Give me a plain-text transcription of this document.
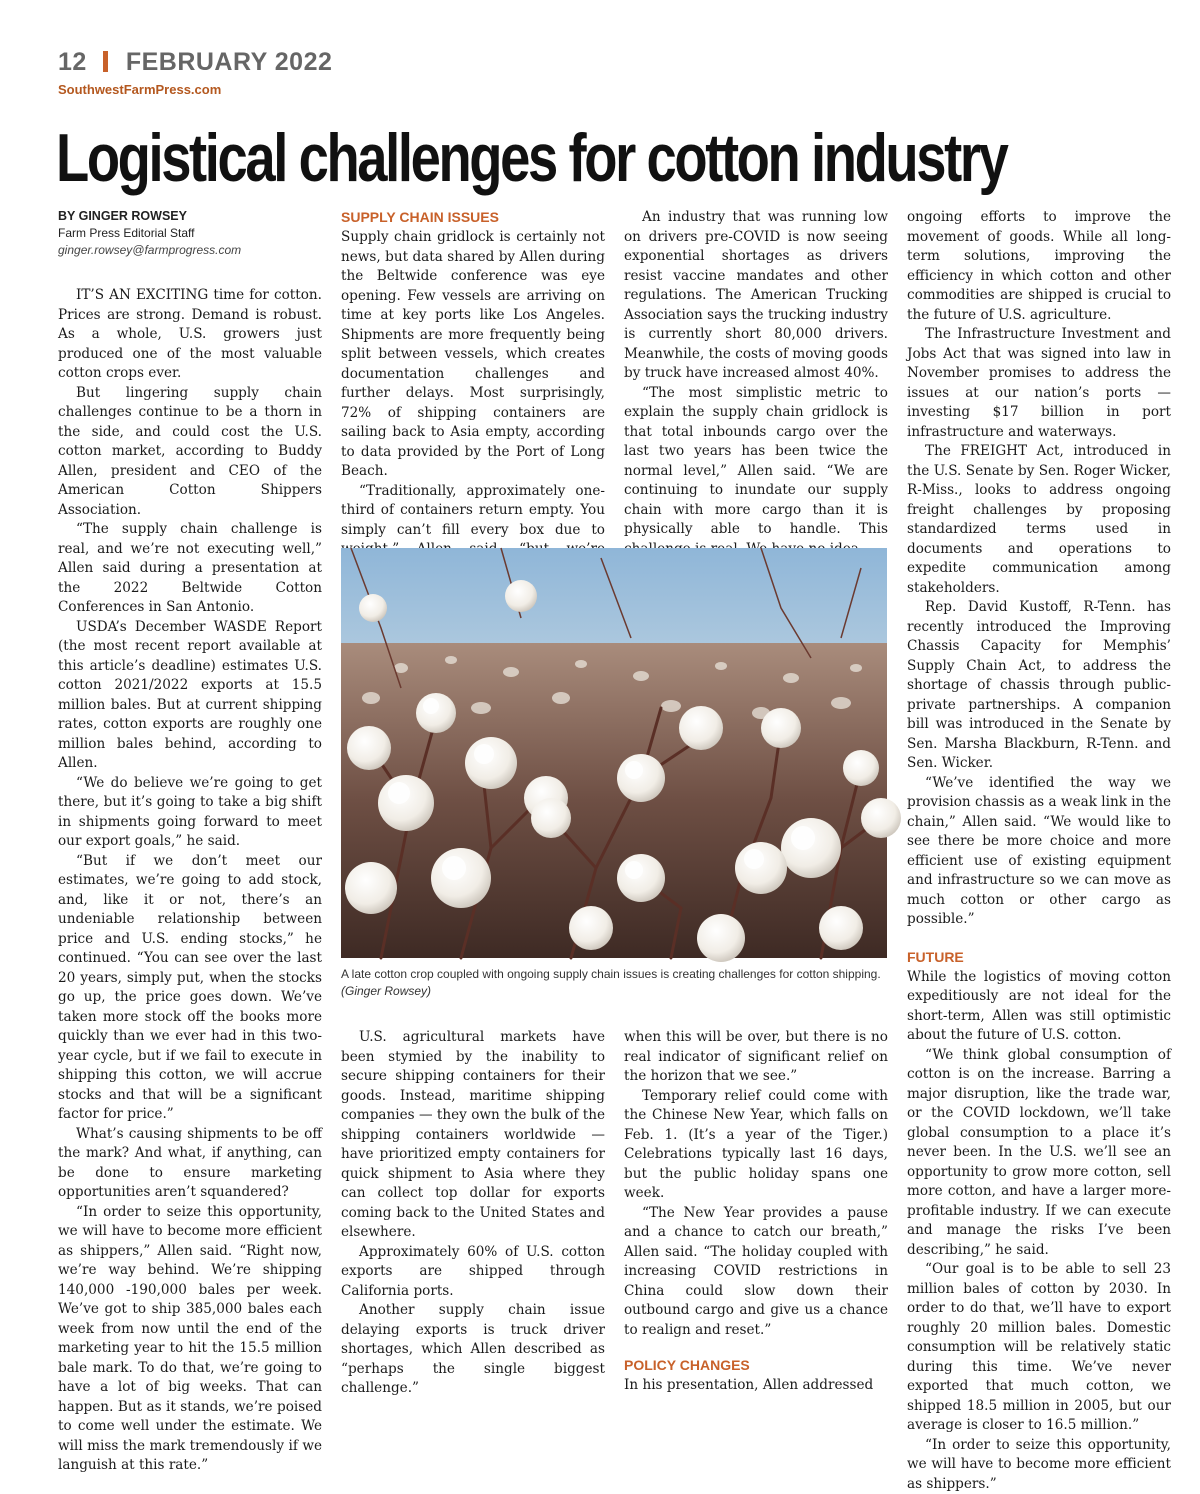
12 FEBRUARY 2022
SouthwestFarmPress.com
Logistical challenges for cotton industry
BY GINGER ROWSEY
Farm Press Editorial Staff
ginger.rowsey@farmprogress.com

IT’S AN EXCITING time for cotton. Prices are strong. Demand is robust. As a whole, U.S. growers just produced one of the most valuable cotton crops ever.

But lingering supply chain challenges continue to be a thorn in the side, and could cost the U.S. cotton market, according to Buddy Allen, president and CEO of the American Cotton Shippers Association.

“The supply chain challenge is real, and we’re not executing well,” Allen said during a presentation at the 2022 Beltwide Cotton Conferences in San Antonio.

USDA’s December WASDE Report (the most recent report available at this article’s deadline) estimates U.S. cotton 2021/2022 exports at 15.5 million bales. But at current shipping rates, cotton exports are roughly one million bales behind, according to Allen.

“We do believe we’re going to get there, but it’s going to take a big shift in shipments going forward to meet our export goals,” he said.

“But if we don’t meet our estimates, we’re going to add stock, and, like it or not, there’s an undeniable relationship between price and U.S. ending stocks,” he continued. “You can see over the last 20 years, simply put, when the stocks go up, the price goes down. We’ve taken more stock off the books more quickly than we ever had in this two-year cycle, but if we fail to execute in shipping this cotton, we will accrue stocks and that will be a significant factor for price.”

What’s causing shipments to be off the mark? And what, if anything, can be done to ensure marketing opportunities aren’t squandered?

“In order to seize this opportunity, we will have to become more efficient as shippers,” Allen said. “Right now, we’re way behind. We’re shipping 140,000 -190,000 bales per week. We’ve got to ship 385,000 bales each week from now until the end of the marketing year to hit the 15.5 million bale mark. To do that, we’re going to have a lot of big weeks. That can happen. But as it stands, we’re poised to come well under the estimate. We will miss the mark tremendously if we languish at this rate.”

SUPPLY CHAIN ISSUES

Supply chain gridlock is certainly not news, but data shared by Allen during the Beltwide conference was eye opening. Few vessels are arriving on time at key ports like Los Angeles. Shipments are more frequently being split between vessels, which creates documentation challenges and further delays. Most surprisingly, 72% of shipping containers are sailing back to Asia empty, according to data provided by the Port of Long Beach.

“Traditionally, approximately one-third of containers return empty. You simply can’t fill every box due to

An industry that was running low on drivers pre-COVID is now seeing exponential shortages as drivers resist vaccine mandates and other regulations. The American Trucking Association says the trucking industry is currently short 80,000 drivers. Meanwhile, the costs of moving goods by truck have increased almost 40%.

“The most simplistic metric to explain the supply chain gridlock is that total inbounds cargo over the last two years has been twice the normal level,” Allen said. “We are continuing to inundate our supply chain with more cargo than it is physically able to handle. This

A late cotton crop coupled with ongoing supply chain issues is creating challenges for cotton shipping. (Ginger Rowsey)

U.S. agricultural markets have been stymied by the inability to secure shipping containers for their goods. Instead, maritime shipping companies — they own the bulk of the shipping containers worldwide — have prioritized empty containers for quick shipment to Asia where they can collect top dollar for exports coming back to the United States and elsewhere.

Approximately 60% of U.S. cotton exports are shipped through California ports.

Another supply chain issue delaying exports is truck driver shortages, which Allen described as “perhaps the single biggest challenge.”

when this will be over, but there is no real indicator of significant relief on the horizon that we see.”

Temporary relief could come with the Chinese New Year, which falls on Feb. 1. (It’s a year of the Tiger.) Celebrations typically last 16 days, but the public holiday spans one week.

“The New Year provides a pause and a chance to catch our breath,” Allen said. “The holiday coupled with increasing COVID restrictions in China could slow down their outbound cargo and give us a chance to realign and reset.”

POLICY CHANGES

In his presentation, Allen addressed

ongoing efforts to improve the movement of goods. While all long-term solutions, improving the efficiency in which cotton and other commodities are shipped is crucial to the future of U.S. agriculture.

The Infrastructure Investment and Jobs Act that was signed into law in November promises to address the issues at our nation’s ports — investing $17 billion in port infrastructure and waterways.

The FREIGHT Act, introduced in the U.S. Senate by Sen. Roger Wicker, R-Miss., looks to address ongoing freight challenges by proposing standardized terms used in documents and operations to expedite communication among stakeholders.

Rep. David Kustoff, R-Tenn. has recently introduced the Improving Chassis Capacity for Memphis’ Supply Chain Act, to address the shortage of chassis through public-private partnerships. A companion bill was introduced in the Senate by Sen. Marsha Blackburn, R-Tenn. and Sen. Wicker.

“We’ve identified the way we provision chassis as a weak link in the chain,” Allen said. “We would like to see there be more choice and more efficient use of existing equipment and infrastructure so we can move as much cotton or other cargo as possible.”

FUTURE

While the logistics of moving cotton expeditiously are not ideal for the short-term, Allen was still optimistic about the future of U.S. cotton.

“We think global consumption of cotton is on the increase. Barring a major disruption, like the trade war, or the COVID lockdown, we’ll take global consumption to a place it’s never been. In the U.S. we’ll see an opportunity to grow more cotton, sell more cotton, and have a larger more-profitable industry. If we can execute and manage the risks I’ve been describing,” he said.

“Our goal is to be able to sell 23 million bales of cotton by 2030. In order to do that, we’ll have to export roughly 20 million bales. Domestic consumption will be relatively static during this time. We’ve never exported that much cotton, we shipped 18.5 million in 2005, but our average is closer to 16.5 million.”

“In order to seize this opportunity, we will have to become more efficient as shippers.”
